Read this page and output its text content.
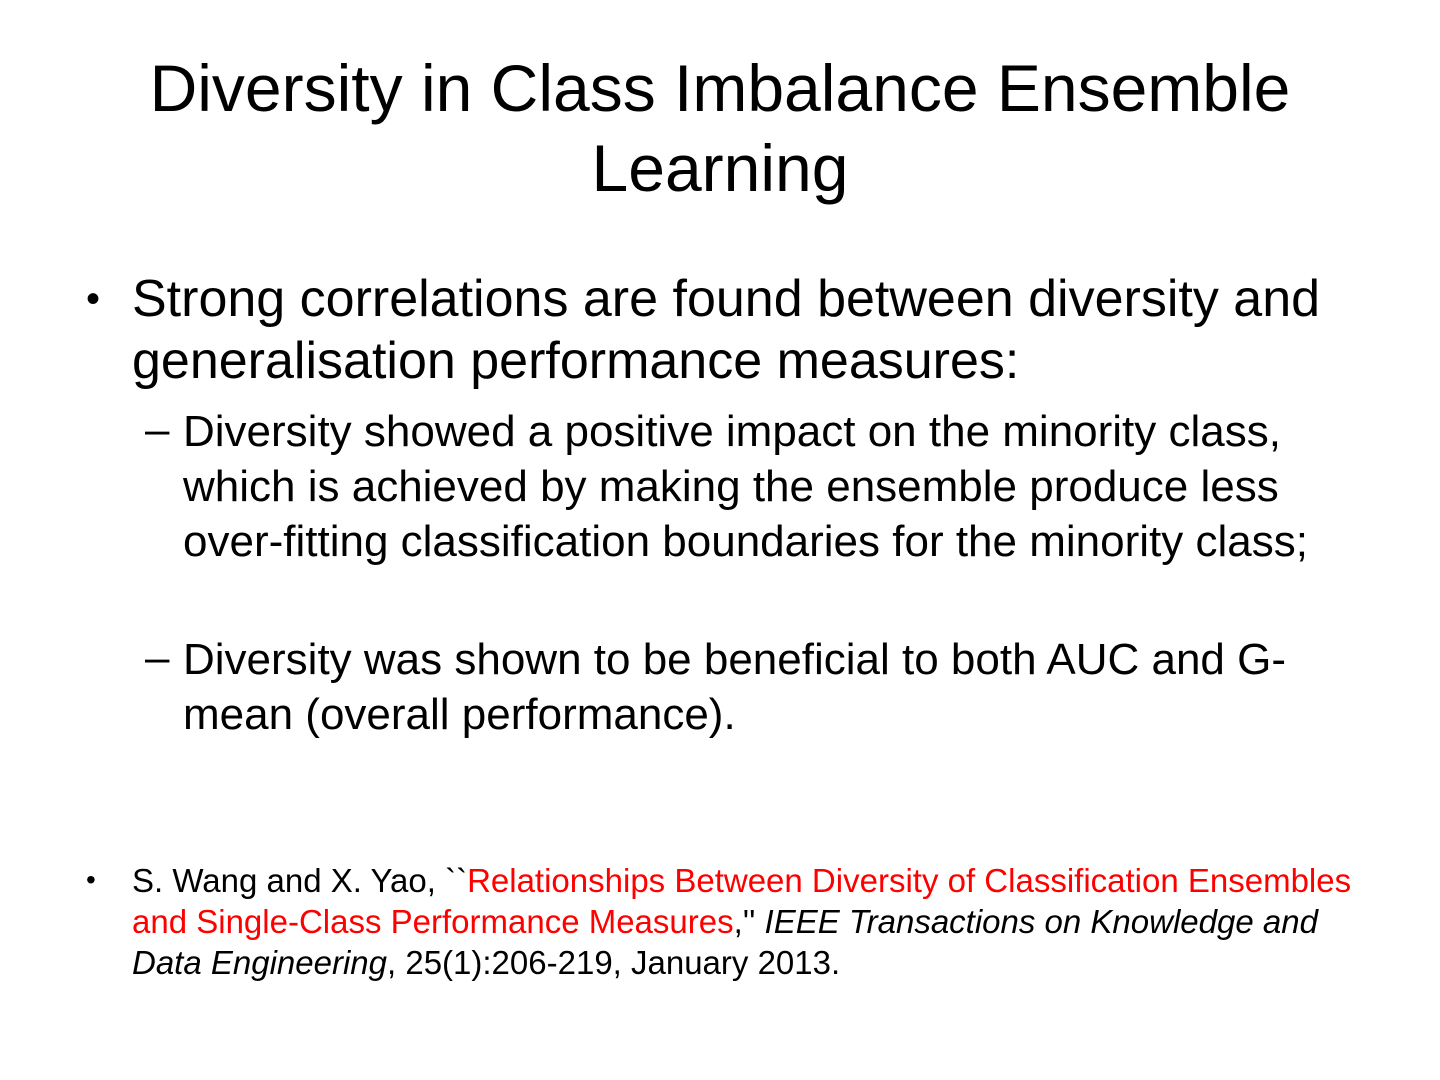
Diversity in Class Imbalance Ensemble Learning
• Strong correlations are found between diversity and generalisation performance measures:

– Diversity showed a positive impact on the minority class, which is achieved by making the ensemble produce less over-fitting classification boundaries for the minority class;

– Diversity was shown to be beneficial to both AUC and G-mean (overall performance).

• S. Wang and X. Yao, ``Relationships Between Diversity of Classification Ensembles and Single-Class Performance Measures,'' IEEE Transactions on Knowledge and Data Engineering, 25(1):206-219, January 2013.
